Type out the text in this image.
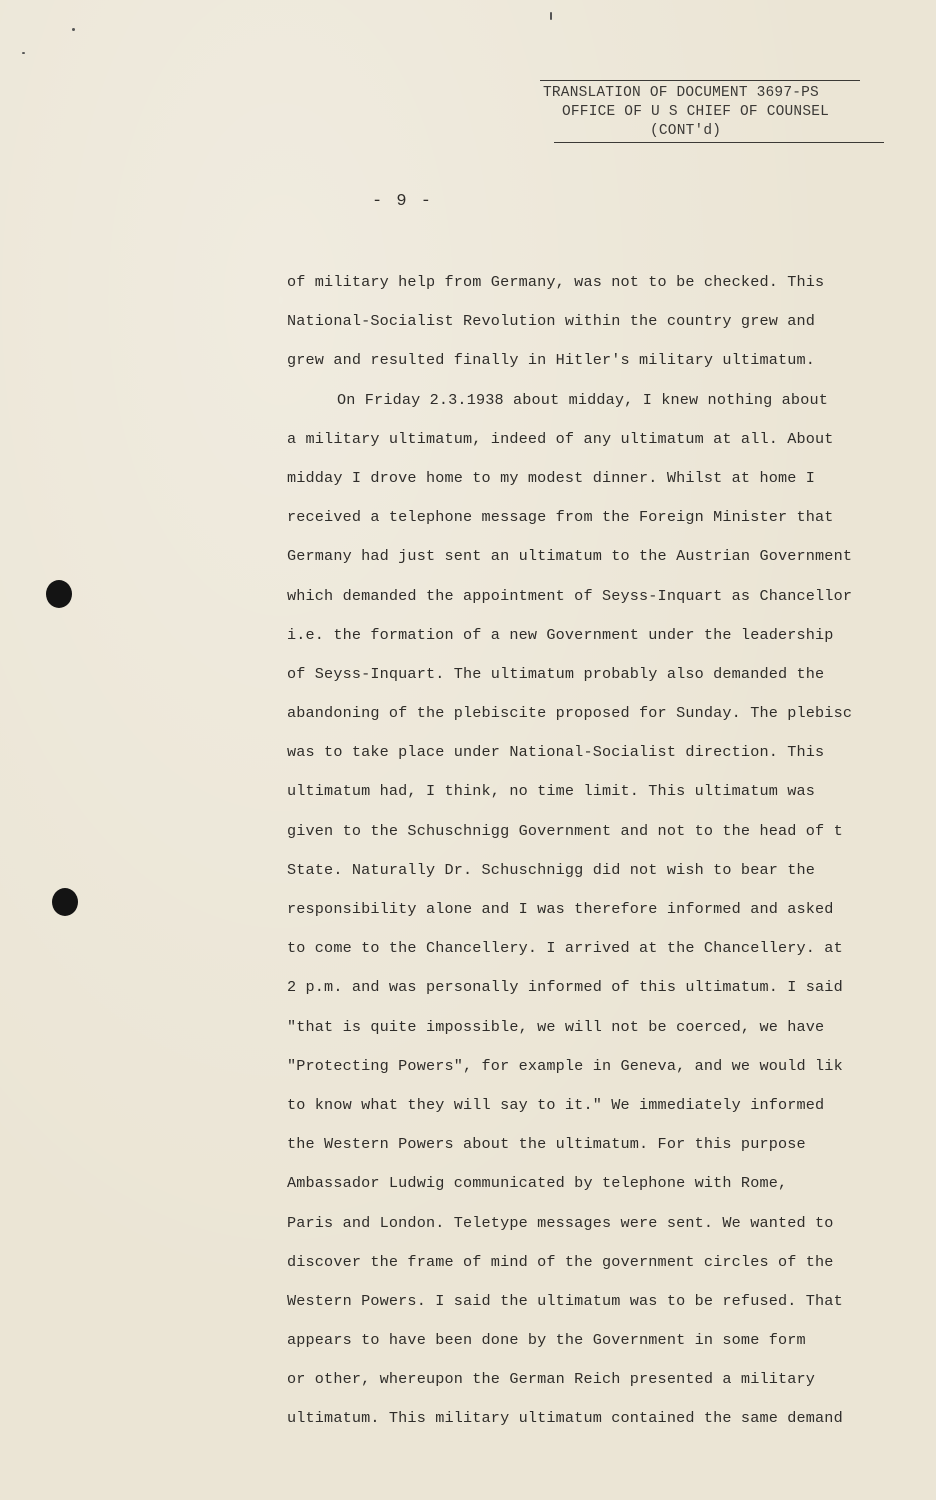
TRANSLATION OF DOCUMENT 3697-PS
OFFICE OF U S CHIEF OF COUNSEL
(CONT'd)
- 9 -
of military help from Germany, was not to be checked. This
National-Socialist Revolution within the country grew and
grew and resulted finally in Hitler's military ultimatum.
On Friday 2.3.1938 about midday, I knew nothing about
a military ultimatum, indeed of any ultimatum at all. About
midday I drove home to my modest dinner. Whilst at home I
received a telephone message from the Foreign Minister that
Germany had just sent an ultimatum to the Austrian Government
which demanded the appointment of Seyss-Inquart as Chancellor
i.e. the formation of a new Government under the leadership
of Seyss-Inquart. The ultimatum probably also demanded the
abandoning of the plebiscite proposed for Sunday. The plebisc
was to take place under National-Socialist direction. This
ultimatum had, I think, no time limit. This ultimatum was
given to the Schuschnigg Government and not to the head of t
State. Naturally Dr. Schuschnigg did not wish to bear the
responsibility alone and I was therefore informed and asked
to come to the Chancellery. I arrived at the Chancellery. at
2 p.m. and was personally informed of this ultimatum. I said
"that is quite impossible, we will not be coerced, we have
"Protecting Powers", for example in Geneva, and we would lik
to know what they will say to it." We immediately informed
the Western Powers about the ultimatum. For this purpose
Ambassador Ludwig communicated by telephone with Rome,
Paris and London. Teletype messages were sent. We wanted to
discover the frame of mind of the government circles of the
Western Powers. I said the ultimatum was to be refused. That
appears to have been done by the Government in some form
or other, whereupon the German Reich presented a military
ultimatum. This military ultimatum contained the same demand
